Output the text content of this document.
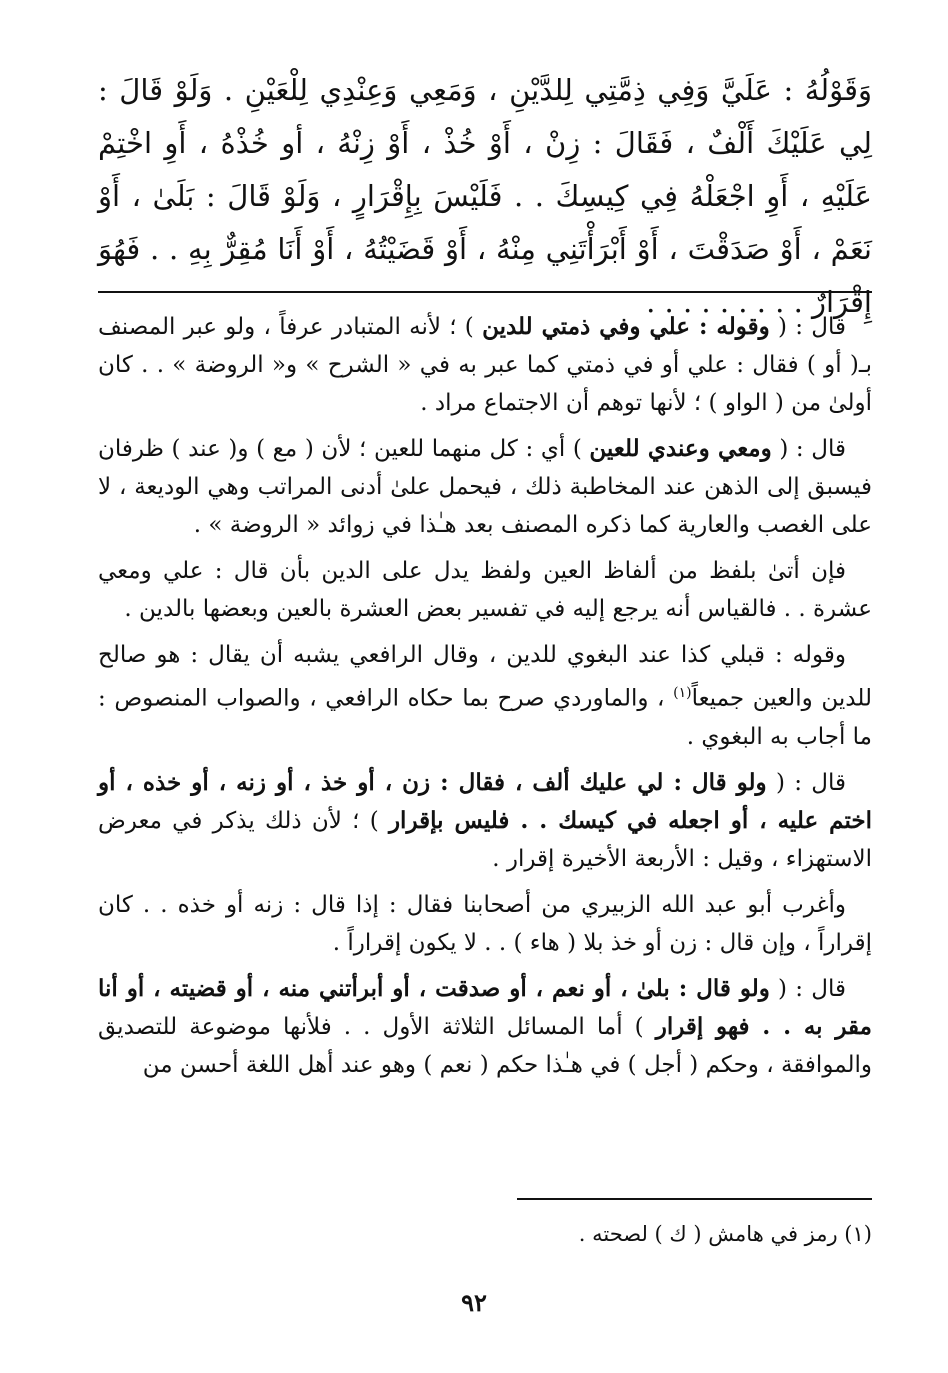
وَقَوْلُهُ : عَلَيَّ وَفِي ذِمَّتِي لِلدَّيْنِ ، وَمَعِي وَعِنْدِي لِلْعَيْنِ . وَلَوْ قَالَ : لِي عَلَيْكَ أَلْفٌ ، فَقَالَ : زِنْ ، أَوْ خُذْ ، أَوْ زِنْهُ ، أو خُذْهُ ، أَوِ اخْتِمْ عَلَيْهِ ، أَوِ اجْعَلْهُ فِي كِيسِكَ . . فَلَيْسَ بِإِقْرَارٍ ، وَلَوْ قَالَ : بَلَىٰ ، أَوْ نَعَمْ ، أَوْ صَدَقْتَ ، أَوْ أَبْرَأْتَنِي مِنْهُ ، أَوْ قَضَيْتُهُ ، أَوْ أَنَا مُقِرٌّ بِهِ . . فَهُوَ إِقْرَارٌ . . . . . . . . .

قال : ( وقوله : علي وفي ذمتي للدين ) ؛ لأنه المتبادر عرفاً ، ولو عبر المصنف بـ( أو ) فقال : علي أو في ذمتي كما عبر به في « الشرح » و« الروضة » . . كان أولىٰ من ( الواو ) ؛ لأنها توهم أن الاجتماع مراد .

قال : ( ومعي وعندي للعين ) أي : كل منهما للعين ؛ لأن ( مع ) و( عند ) ظرفان فيسبق إلى الذهن عند المخاطبة ذلك ، فيحمل علىٰ أدنى المراتب وهي الوديعة ، لا على الغصب والعارية كما ذكره المصنف بعد هـٰذا في زوائد « الروضة » .

فإن أتىٰ بلفظ من ألفاظ العين ولفظ يدل على الدين بأن قال : علي ومعي عشرة . . فالقياس أنه يرجع إليه في تفسير بعض العشرة بالعين وبعضها بالدين .

وقوله : قبلي كذا عند البغوي للدين ، وقال الرافعي يشبه أن يقال : هو صالح للدين والعين جميعاً$^{(١)}$ ، والماوردي صرح بما حكاه الرافعي ، والصواب المنصوص : ما أجاب به البغوي .

قال : ( ولو قال : لي عليك ألف ، فقال : زن ، أو خذ ، أو زنه ، أو خذه ، أو اختم عليه ، أو اجعله في كيسك . . فليس بإقرار ) ؛ لأن ذلك يذكر في معرض الاستهزاء ، وقيل : الأربعة الأخيرة إقرار .

وأغرب أبو عبد الله الزبيري من أصحابنا فقال : إذا قال : زنه أو خذه . . كان إقراراً ، وإن قال : زن أو خذ بلا ( هاء ) . . لا يكون إقراراً .

قال : ( ولو قال : بلىٰ ، أو نعم ، أو صدقت ، أو أبرأتني منه ، أو قضيته ، أو أنا مقر به . . فهو إقرار ) أما المسائل الثلاثة الأول . . فلأنها موضوعة للتصديق والموافقة ، وحكم ( أجل ) في هـٰذا حكم ( نعم ) وهو عند أهل اللغة أحسن من

(١) رمز في هامش ( ك ) لصحته .
٩٢
